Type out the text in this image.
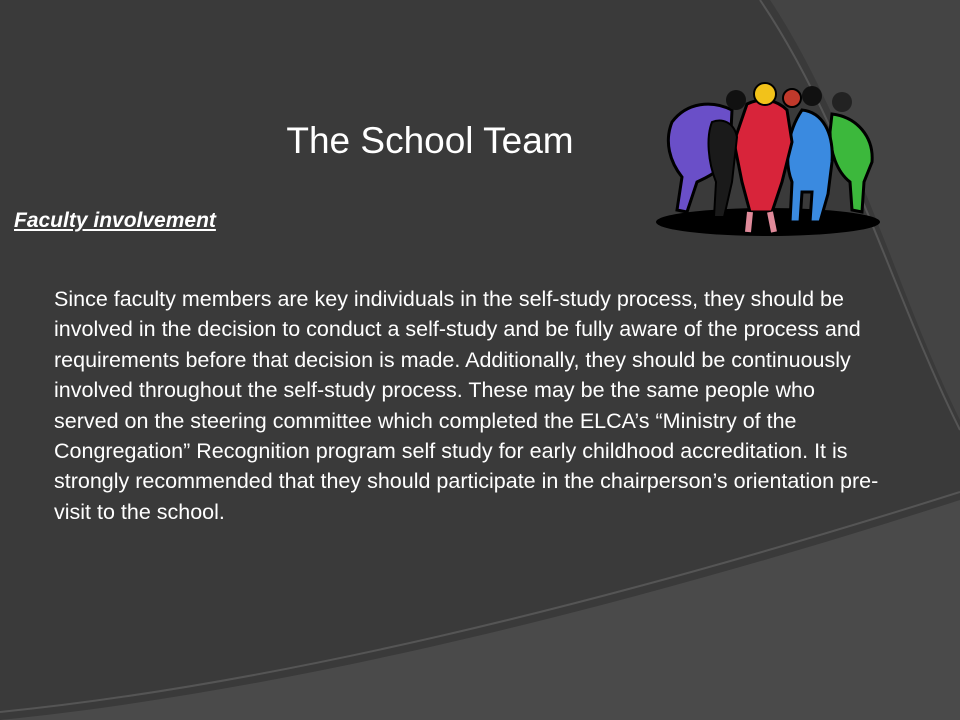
The School Team
Faculty involvement

Since faculty members are key individuals in the self-study process, they should be involved in the decision to conduct a self-study and be fully aware of the process and requirements before that decision is made. Additionally, they should be continuously involved throughout the self-study process. These may be the same people who served on the steering committee which completed the ELCA’s “Ministry of the Congregation” Recognition program self study for early childhood accreditation. It is strongly recommended that they should participate in the chairperson’s orientation pre-visit to the school.
